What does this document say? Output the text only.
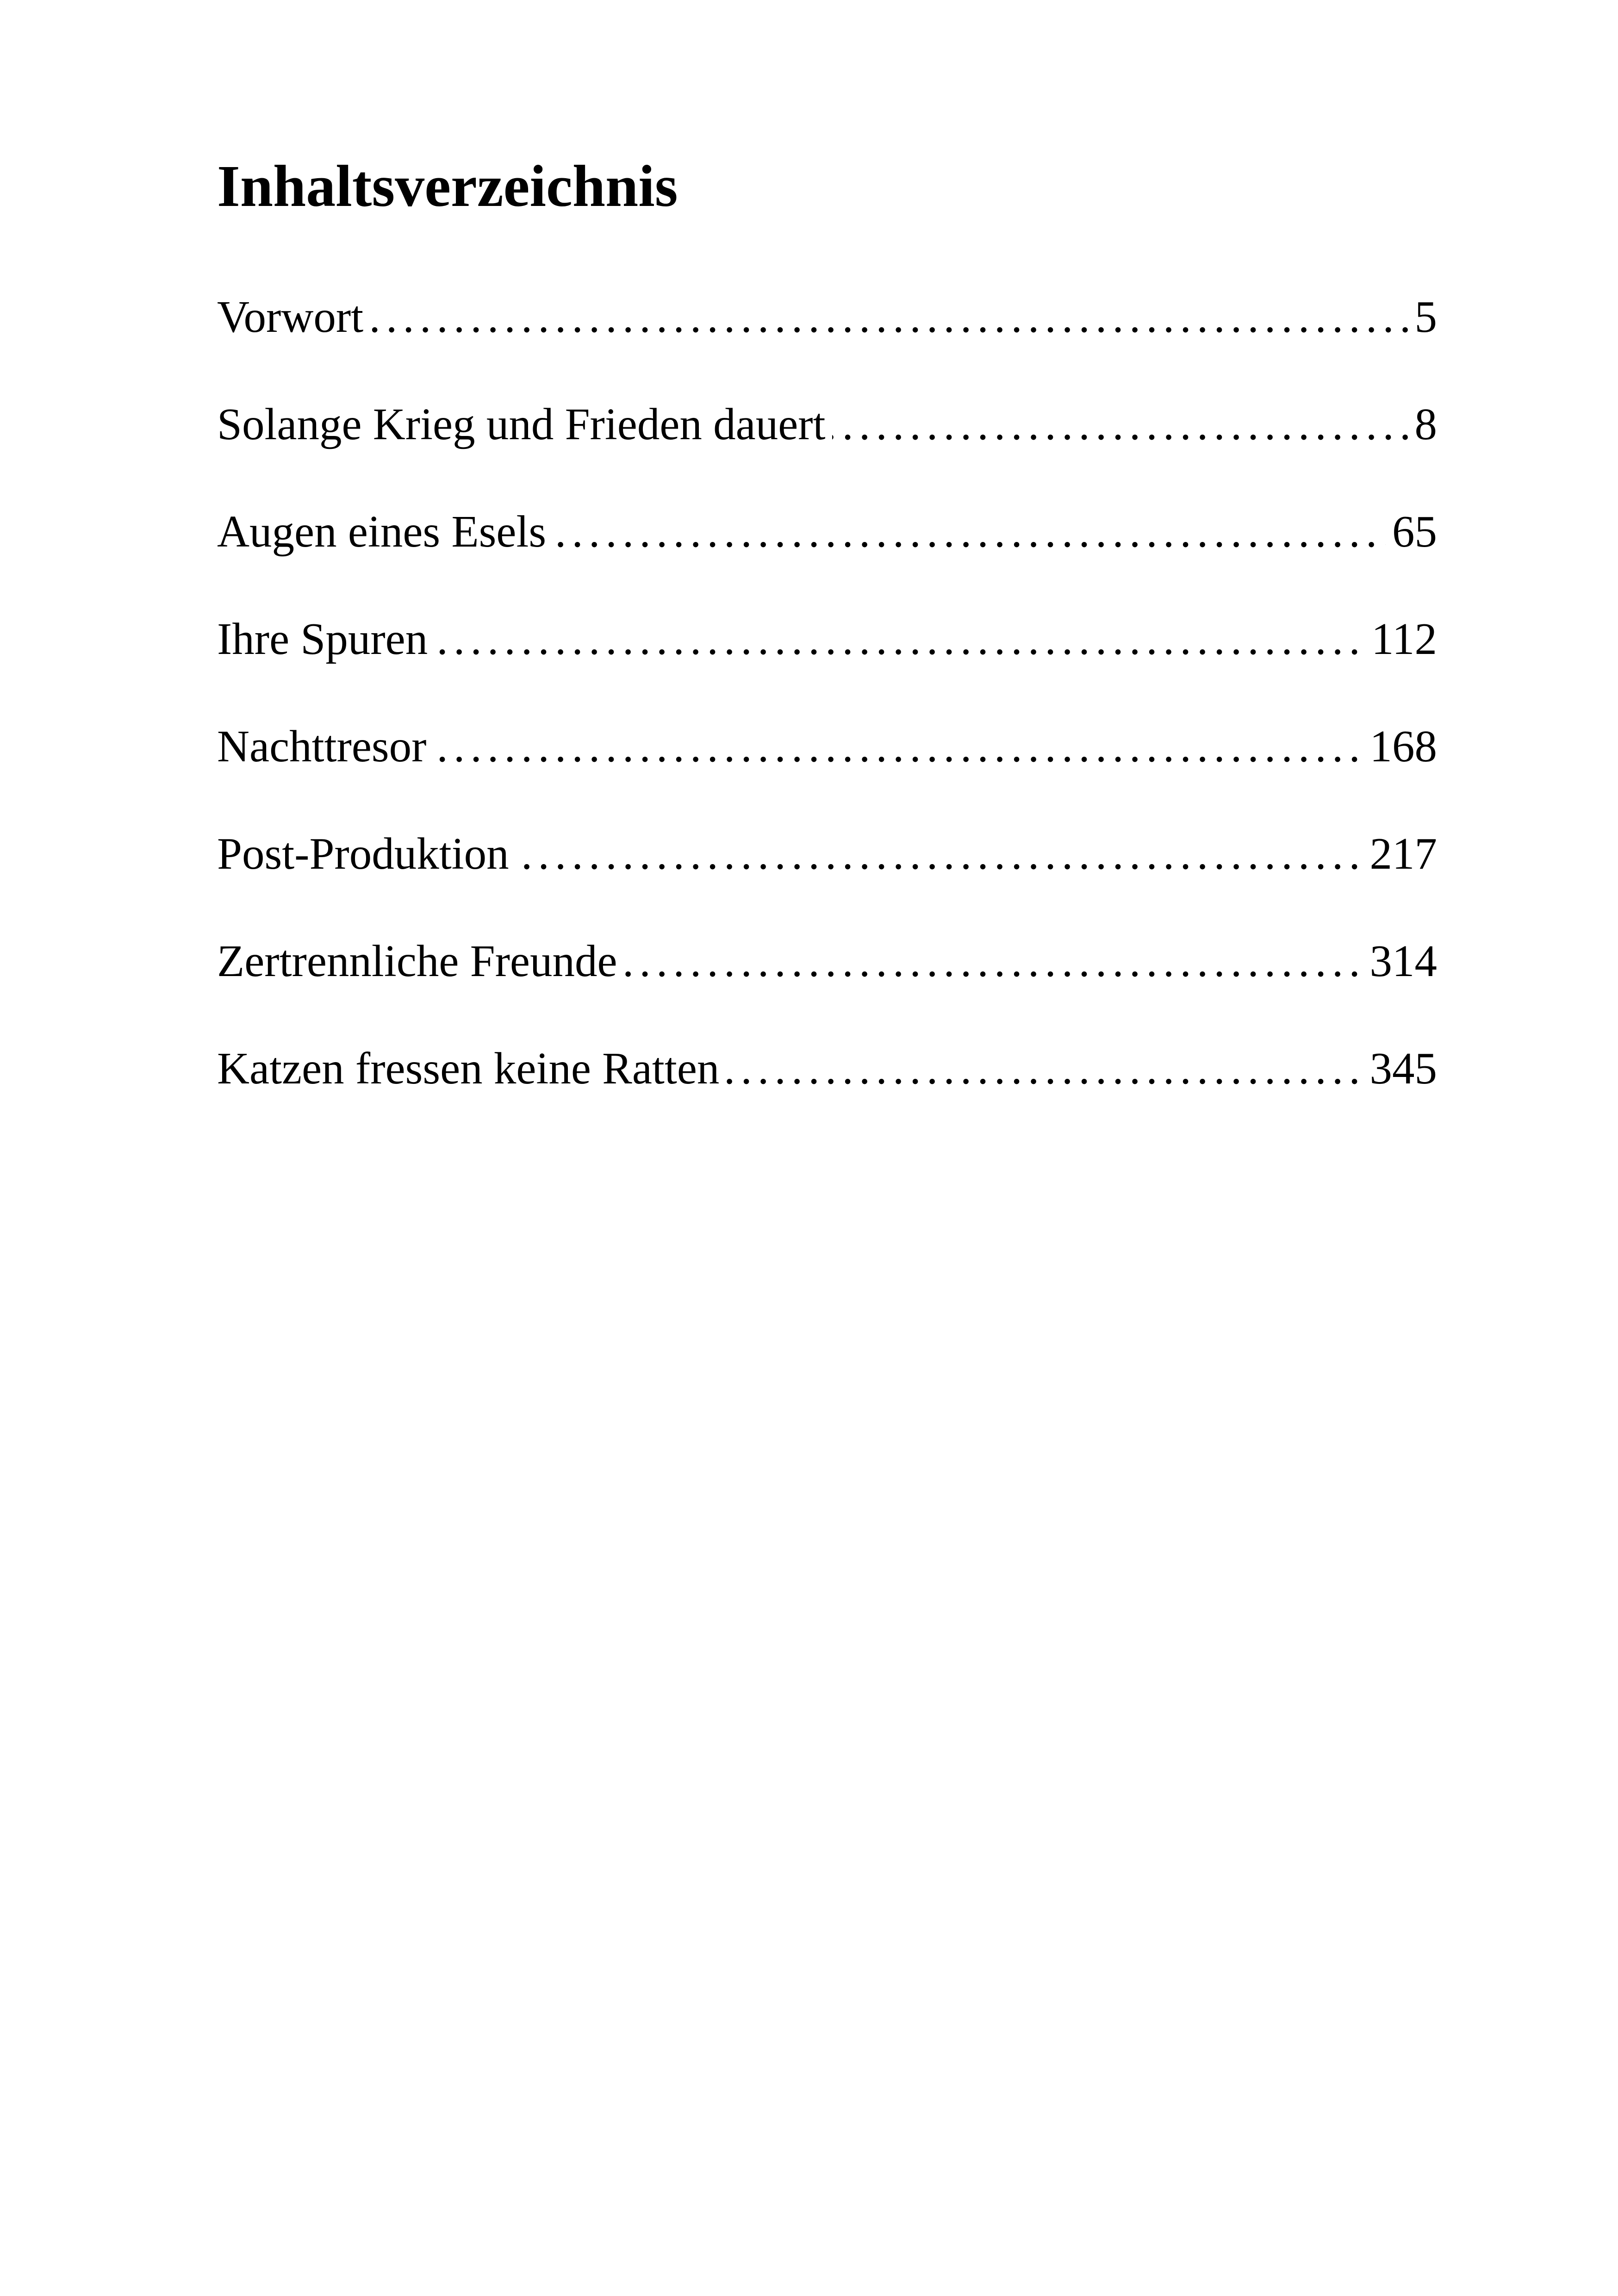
Inhaltsverzeichnis
. . . Vorwort	5
. . . Solange Krieg und Frieden dauert	8
. . . Augen eines Esels	65
. . . Ihre Spuren	112
. . . Nachttresor	168
. . . Post-Produktion	217
. . . Zertrennliche Freunde	314
. . . Katzen fressen keine Ratten	345
